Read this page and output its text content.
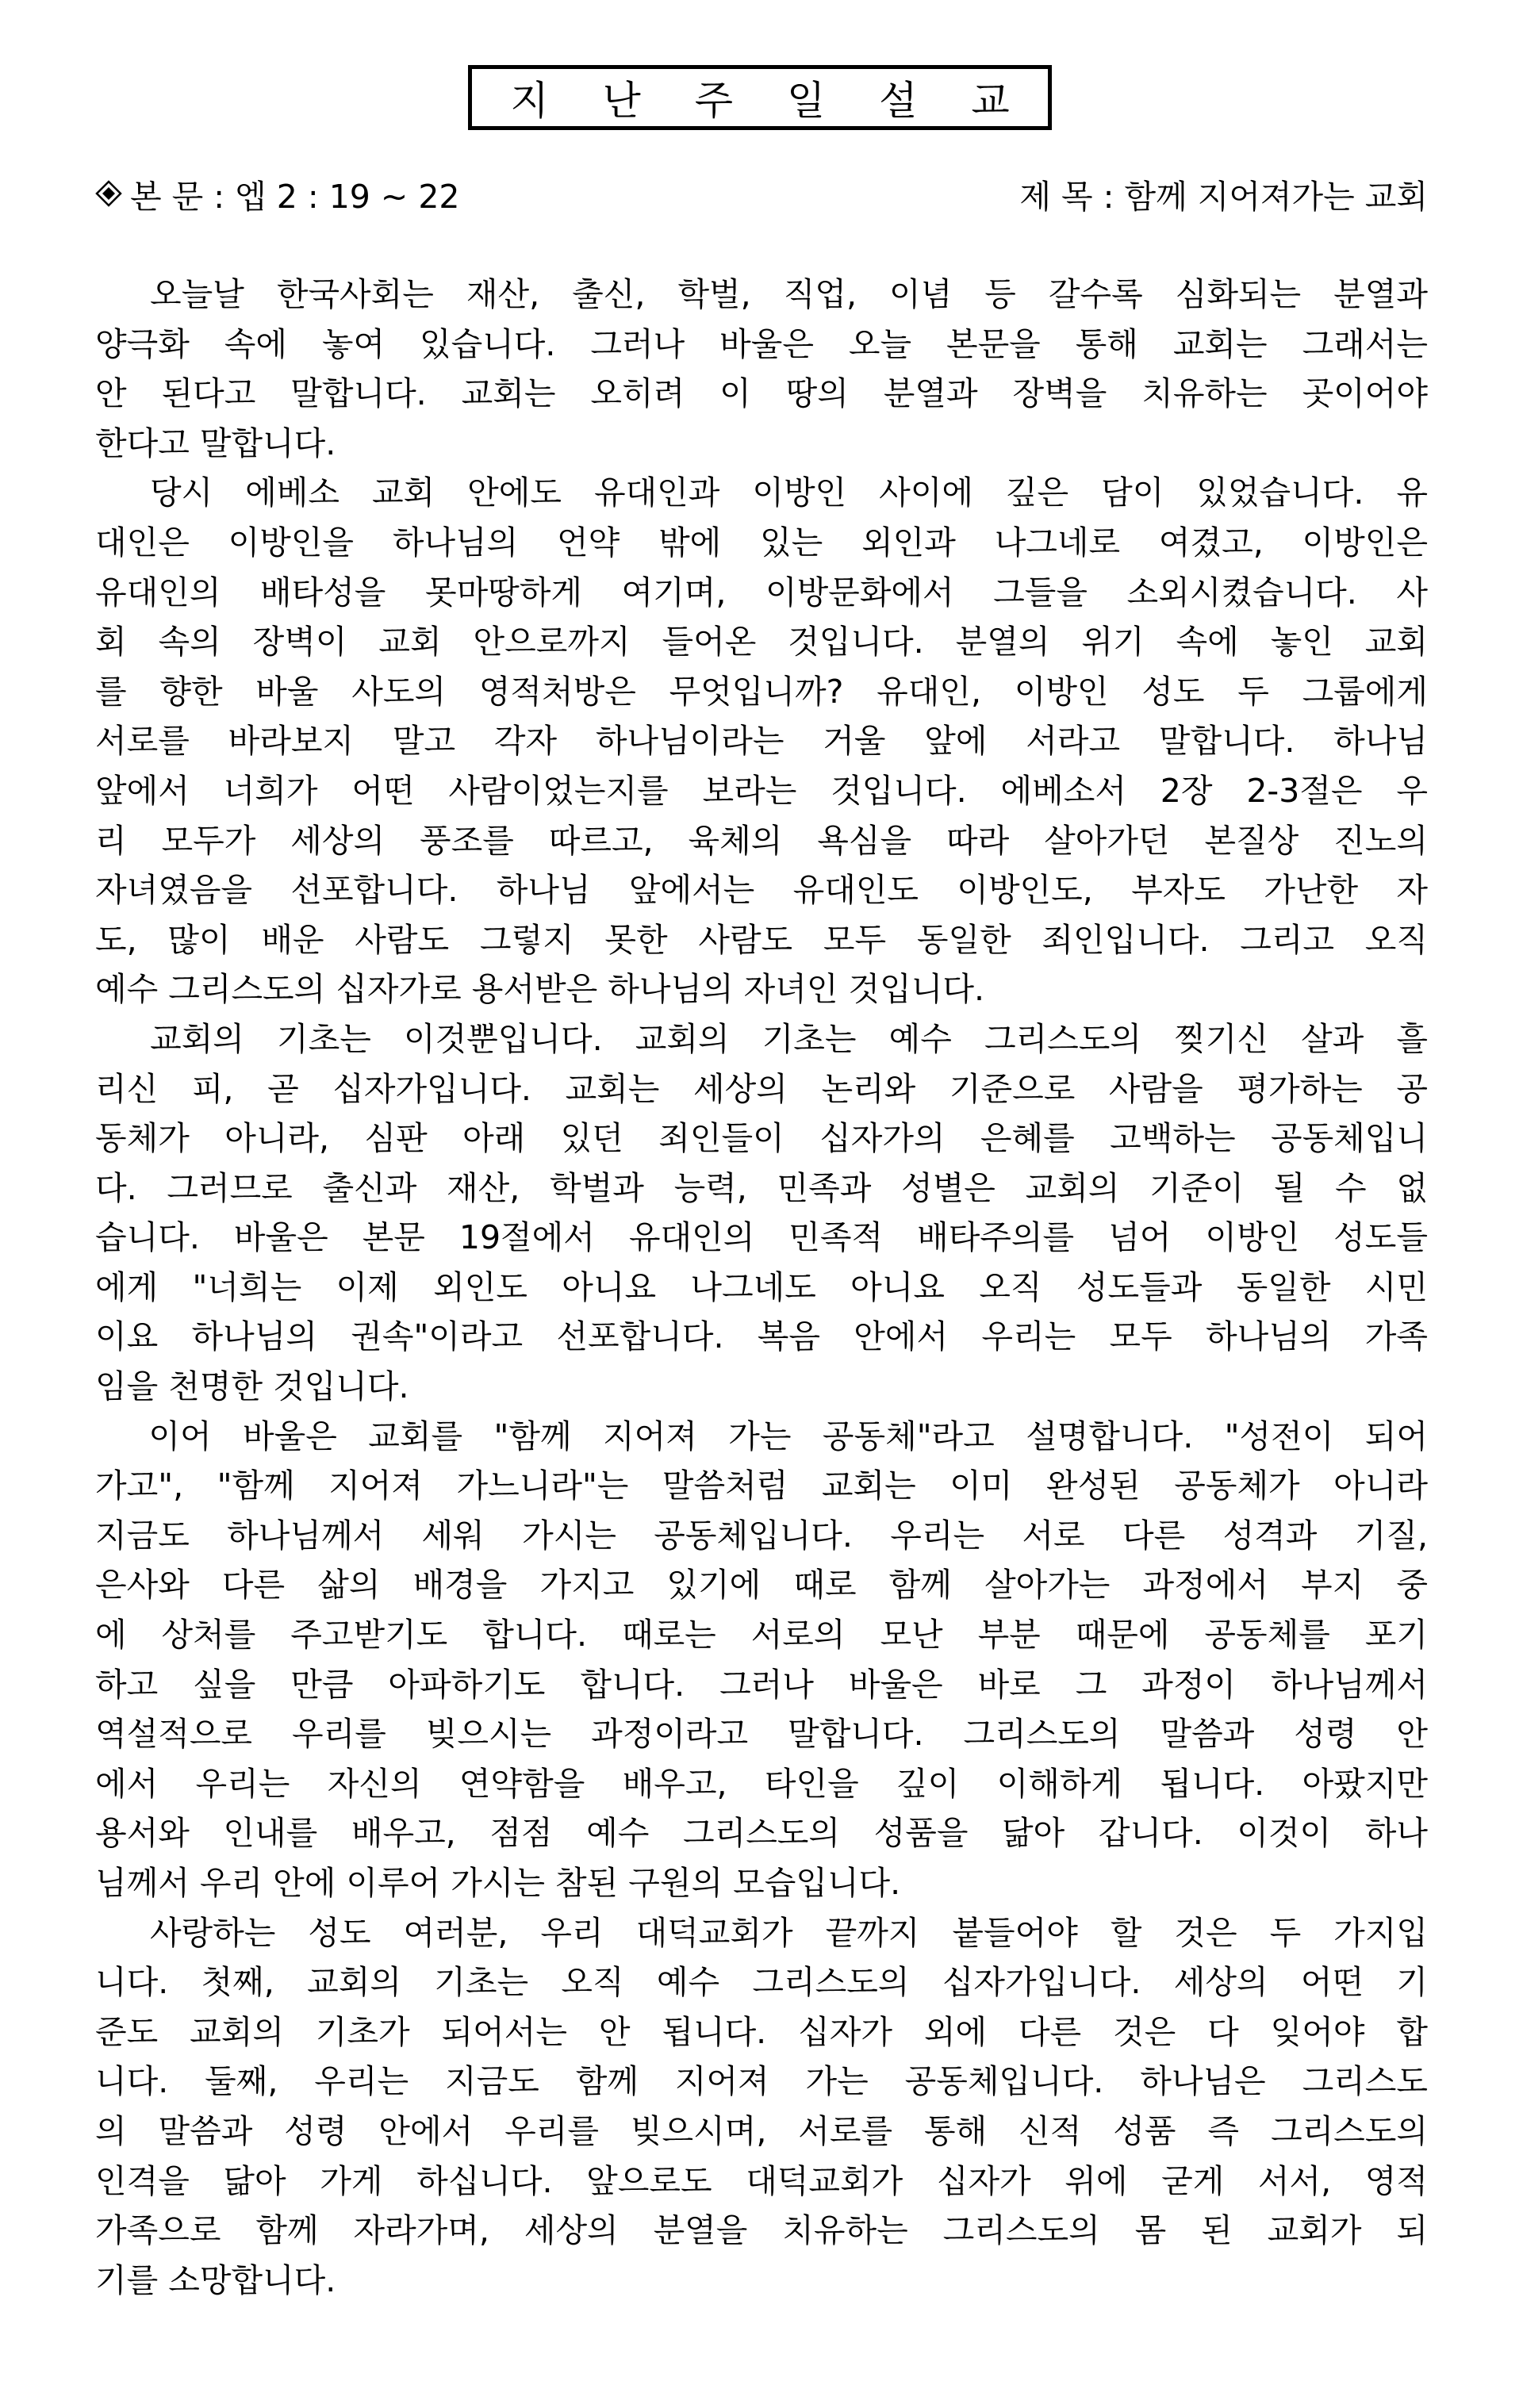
지 난 주 일 설 교
본 문 : 엡 2 : 19 ~ 22	제 목 : 함께 지어져가는 교회
　오늘날 한국사회는 재산, 출신, 학벌, 직업, 이념 등 갈수록 심화되는 분열과
양극화 속에 놓여 있습니다. 그러나 바울은 오늘 본문을 통해 교회는 그래서는
안 된다고 말합니다. 교회는 오히려 이 땅의 분열과 장벽을 치유하는 곳이어야
한다고 말합니다.
　당시 에베소 교회 안에도 유대인과 이방인 사이에 깊은 담이 있었습니다. 유
대인은 이방인을 하나님의 언약 밖에 있는 외인과 나그네로 여겼고, 이방인은
유대인의 배타성을 못마땅하게 여기며, 이방문화에서 그들을 소외시켰습니다. 사
회 속의 장벽이 교회 안으로까지 들어온 것입니다. 분열의 위기 속에 놓인 교회
를 향한 바울 사도의 영적처방은 무엇입니까? 유대인, 이방인 성도 두 그룹에게
서로를 바라보지 말고 각자 하나님이라는 거울 앞에 서라고 말합니다. 하나님
앞에서 너희가 어떤 사람이었는지를 보라는 것입니다. 에베소서 2장 2-3절은 우
리 모두가 세상의 풍조를 따르고, 육체의 욕심을 따라 살아가던 본질상 진노의
자녀였음을 선포합니다. 하나님 앞에서는 유대인도 이방인도, 부자도 가난한 자
도, 많이 배운 사람도 그렇지 못한 사람도 모두 동일한 죄인입니다. 그리고 오직
예수 그리스도의 십자가로 용서받은 하나님의 자녀인 것입니다.
　교회의 기초는 이것뿐입니다. 교회의 기초는 예수 그리스도의 찢기신 살과 흘
리신 피, 곧 십자가입니다. 교회는 세상의 논리와 기준으로 사람을 평가하는 공
동체가 아니라, 심판 아래 있던 죄인들이 십자가의 은혜를 고백하는 공동체입니
다. 그러므로 출신과 재산, 학벌과 능력, 민족과 성별은 교회의 기준이 될 수 없
습니다. 바울은 본문 19절에서 유대인의 민족적 배타주의를 넘어 이방인 성도들
에게 "너희는 이제 외인도 아니요 나그네도 아니요 오직 성도들과 동일한 시민
이요 하나님의 권속"이라고 선포합니다. 복음 안에서 우리는 모두 하나님의 가족
임을 천명한 것입니다.
　이어 바울은 교회를 "함께 지어져 가는 공동체"라고 설명합니다. "성전이 되어
가고", "함께 지어져 가느니라"는 말씀처럼 교회는 이미 완성된 공동체가 아니라
지금도 하나님께서 세워 가시는 공동체입니다. 우리는 서로 다른 성격과 기질,
은사와 다른 삶의 배경을 가지고 있기에 때로 함께 살아가는 과정에서 부지 중
에 상처를 주고받기도 합니다. 때로는 서로의 모난 부분 때문에 공동체를 포기
하고 싶을 만큼 아파하기도 합니다. 그러나 바울은 바로 그 과정이 하나님께서
역설적으로 우리를 빚으시는 과정이라고 말합니다. 그리스도의 말씀과 성령 안
에서 우리는 자신의 연약함을 배우고, 타인을 깊이 이해하게 됩니다. 아팠지만
용서와 인내를 배우고, 점점 예수 그리스도의 성품을 닮아 갑니다. 이것이 하나
님께서 우리 안에 이루어 가시는 참된 구원의 모습입니다.
　사랑하는 성도 여러분, 우리 대덕교회가 끝까지 붙들어야 할 것은 두 가지입
니다. 첫째, 교회의 기초는 오직 예수 그리스도의 십자가입니다. 세상의 어떤 기
준도 교회의 기초가 되어서는 안 됩니다. 십자가 외에 다른 것은 다 잊어야 합
니다. 둘째, 우리는 지금도 함께 지어져 가는 공동체입니다. 하나님은 그리스도
의 말씀과 성령 안에서 우리를 빚으시며, 서로를 통해 신적 성품 즉 그리스도의
인격을 닮아 가게 하십니다. 앞으로도 대덕교회가 십자가 위에 굳게 서서, 영적
가족으로 함께 자라가며, 세상의 분열을 치유하는 그리스도의 몸 된 교회가 되
기를 소망합니다.
